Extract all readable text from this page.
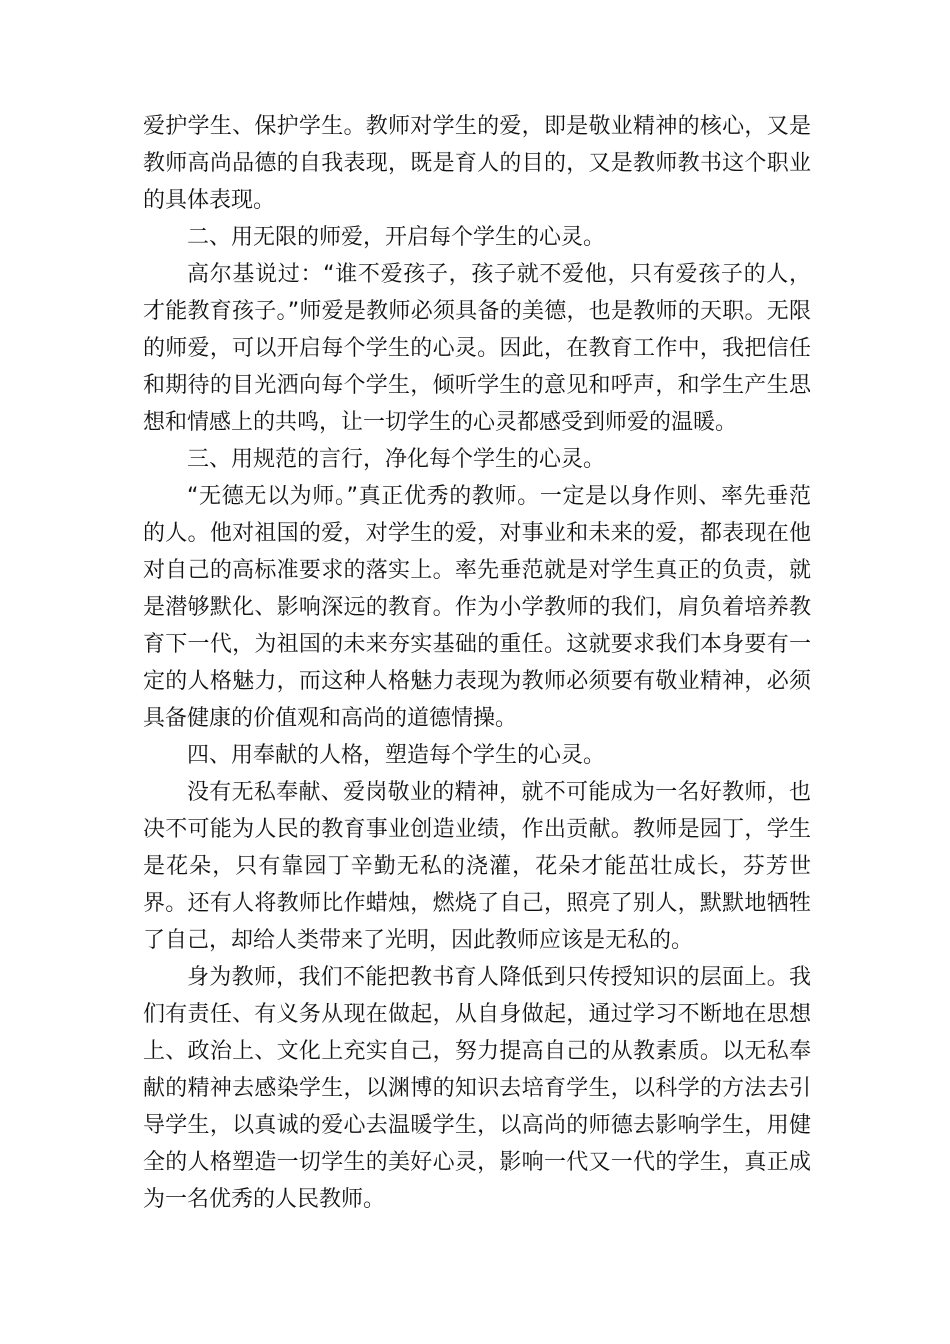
爱护学生、保护学生。教师对学生的爱，即是敬业精神的核心，又是教师高尚品德的自我表现，既是育人的目的，又是教师教书这个职业的具体表现。

二、用无限的师爱，开启每个学生的心灵。

高尔基说过：“谁不爱孩子，孩子就不爱他，只有爱孩子的人，才能教育孩子。”师爱是教师必须具备的美德，也是教师的天职。无限的师爱，可以开启每个学生的心灵。因此，在教育工作中，我把信任和期待的目光洒向每个学生，倾听学生的意见和呼声，和学生产生思想和情感上的共鸣，让一切学生的心灵都感受到师爱的温暖。

三、用规范的言行，净化每个学生的心灵。

“无德无以为师。”真正优秀的教师。一定是以身作则、率先垂范的人。他对祖国的爱，对学生的爱，对事业和未来的爱，都表现在他对自己的高标准要求的落实上。率先垂范就是对学生真正的负责，就是潜够默化、影响深远的教育。作为小学教师的我们，肩负着培养教育下一代，为祖国的未来夯实基础的重任。这就要求我们本身要有一定的人格魅力，而这种人格魅力表现为教师必须要有敬业精神，必须具备健康的价值观和高尚的道德情操。

四、用奉献的人格，塑造每个学生的心灵。

没有无私奉献、爱岗敬业的精神，就不可能成为一名好教师，也决不可能为人民的教育事业创造业绩，作出贡献。教师是园丁，学生是花朵，只有靠园丁辛勤无私的浇灌，花朵才能茁壮成长，芬芳世界。还有人将教师比作蜡烛，燃烧了自己，照亮了别人，默默地牺牲了自己，却给人类带来了光明，因此教师应该是无私的。

身为教师，我们不能把教书育人降低到只传授知识的层面上。我们有责任、有义务从现在做起，从自身做起，通过学习不断地在思想上、政治上、文化上充实自己，努力提高自己的从教素质。以无私奉献的精神去感染学生，以渊博的知识去培育学生，以科学的方法去引导学生，以真诚的爱心去温暖学生，以高尚的师德去影响学生，用健全的人格塑造一切学生的美好心灵，影响一代又一代的学生，真正成为一名优秀的人民教师。
